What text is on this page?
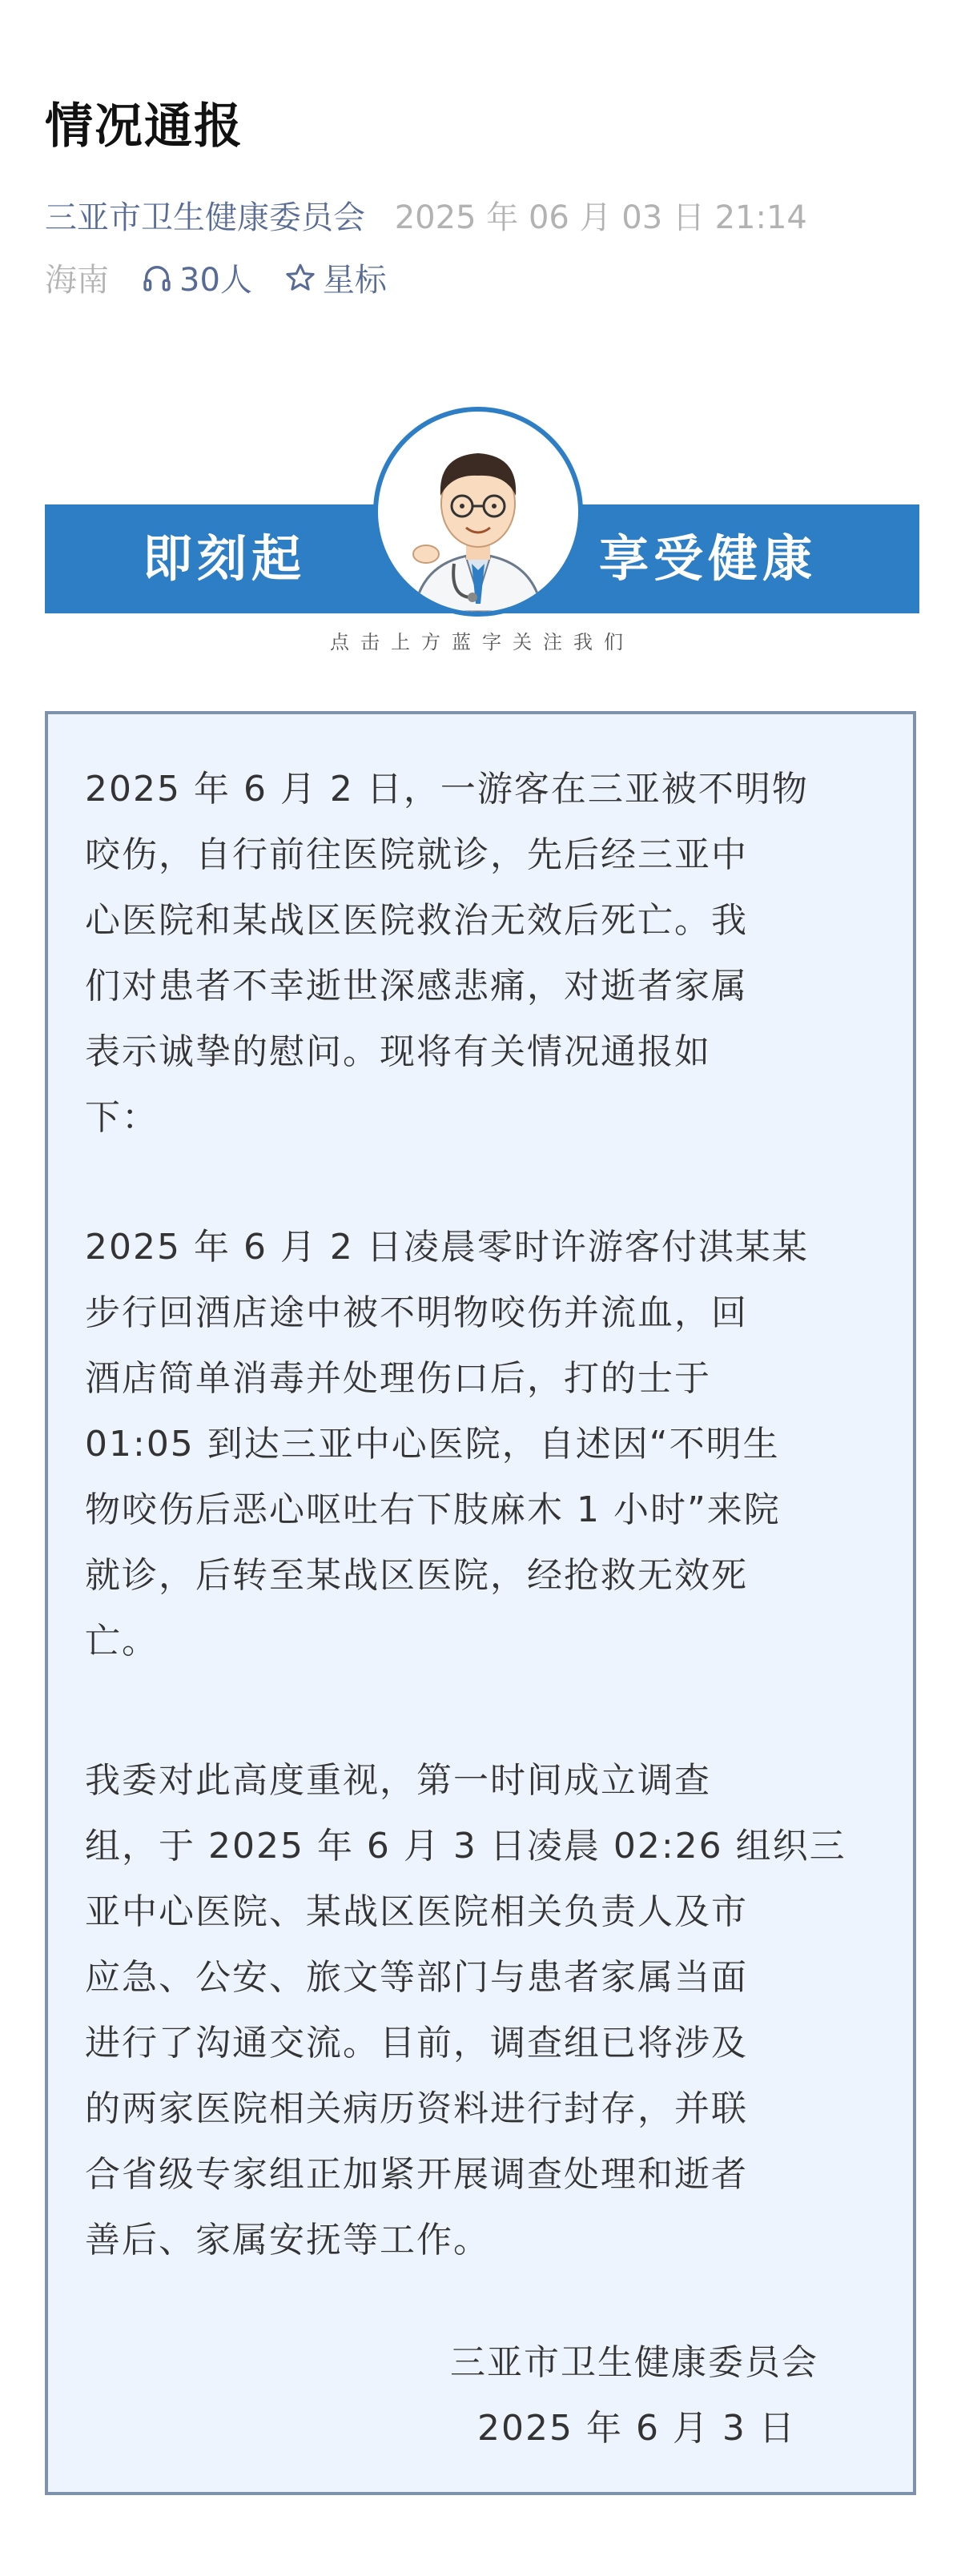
情况通报
三亚市卫生健康委员会 2025 年 06 月 03 日 21:14
海南 30人 星标
即刻起	享受健康
点击上方蓝字关注我们
2025 年 6 月 2 日，一游客在三亚被不明物
咬伤，自行前往医院就诊，先后经三亚中
心医院和某战区医院救治无效后死亡。我
们对患者不幸逝世深感悲痛，对逝者家属
表示诚挚的慰问。现将有关情况通报如
下：
2025 年 6 月 2 日凌晨零时许游客付淇某某
步行回酒店途中被不明物咬伤并流血，回
酒店简单消毒并处理伤口后，打的士于
01:05 到达三亚中心医院，自述因“不明生
物咬伤后恶心呕吐右下肢麻木 1 小时”来院
就诊，后转至某战区医院，经抢救无效死
亡。
我委对此高度重视，第一时间成立调查
组，于 2025 年 6 月 3 日凌晨 02:26 组织三
亚中心医院、某战区医院相关负责人及市
应急、公安、旅文等部门与患者家属当面
进行了沟通交流。目前，调查组已将涉及
的两家医院相关病历资料进行封存，并联
合省级专家组正加紧开展调查处理和逝者
善后、家属安抚等工作。
三亚市卫生健康委员会
2025 年 6 月 3 日
